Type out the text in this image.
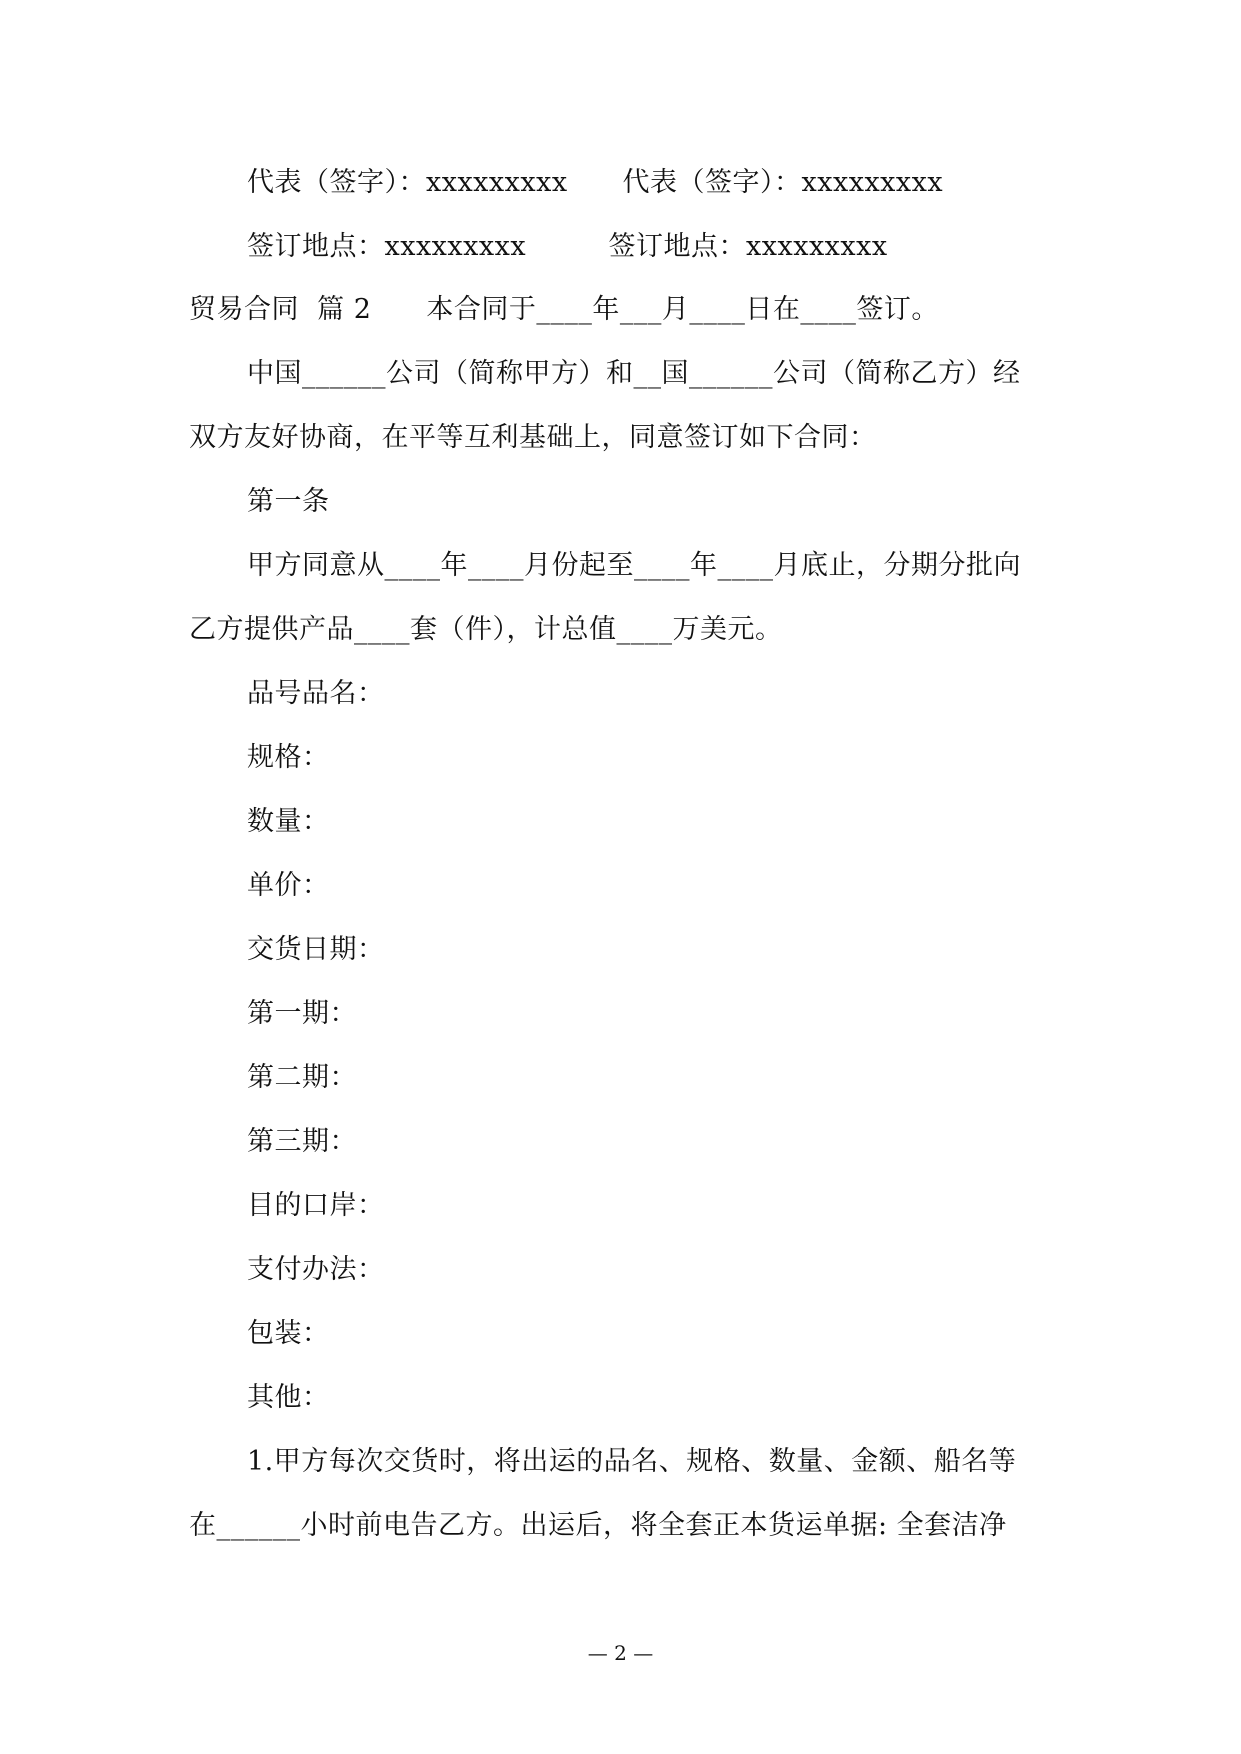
代表（签字）：xxxxxxxxx　　代表（签字）：xxxxxxxxx
签订地点：xxxxxxxxx　　　签订地点：xxxxxxxxx
贸易合同  篇 2　　本合同于____年___月____日在____签订。
中国______公司（简称甲方）和__国______公司（简称乙方）经
双方友好协商，在平等互利基础上，同意签订如下合同：
第一条
甲方同意从____年____月份起至____年____月底止，分期分批向
乙方提供产品____套（件），计总值____万美元。
品号品名：
规格：
数量：
单价：
交货日期：
第一期：
第二期：
第三期：
目的口岸：
支付办法：
包装：
其他：
1.甲方每次交货时，将出运的品名、规格、数量、金额、船名等
在______小时前电告乙方。出运后，将全套正本货运单据: 全套洁净
— 2 —
